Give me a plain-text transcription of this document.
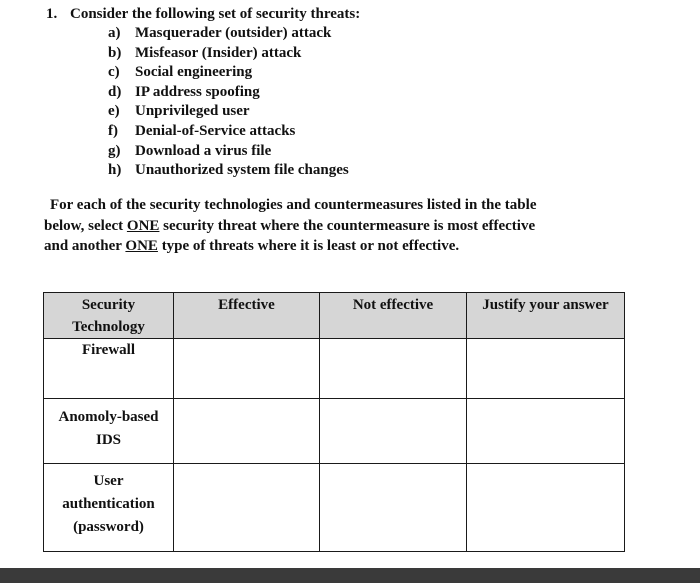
1. Consider the following set of security threats:

a) Masquerader (outsider) attack
b) Misfeasor (Insider) attack
c) Social engineering
d) IP address spoofing
e) Unprivileged user
f) Denial-of-Service attacks
g) Download a virus file
h) Unauthorized system file changes

For each of the security technologies and countermeasures listed in the table
below, select ONE security threat where the countermeasure is most effective
and another ONE type of threats where it is least or not effective.

Security
Technology	Effective	Not effective	Justify your answer

Firewall			

Anomoly-based
IDS			

User
authentication
(password)			
